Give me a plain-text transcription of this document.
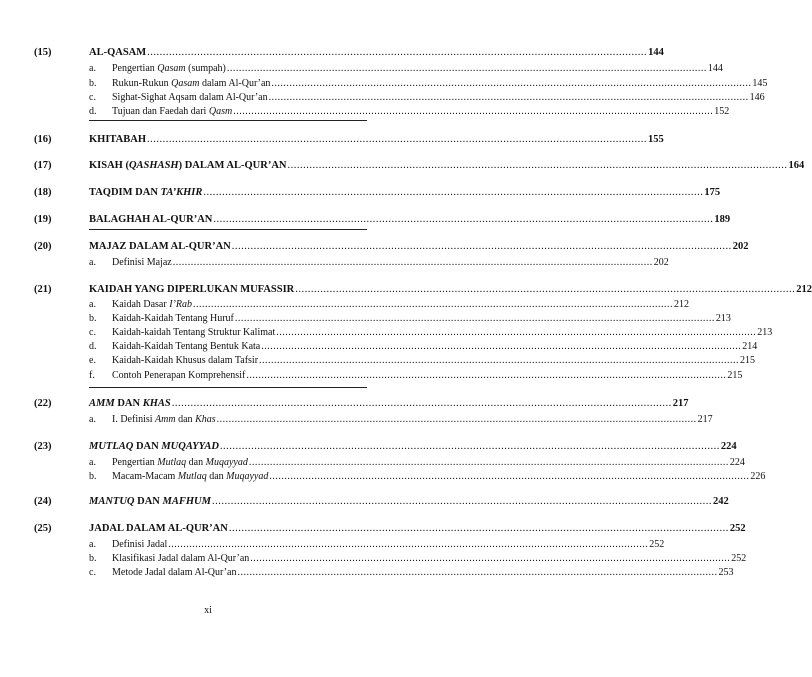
(15)	AL-QASAM ................................................................................................................................................................ 144
a. Pengertian Qasam (sumpah) ................................................................................................................................................................ 144
b. Rukun-Rukun Qasam dalam Al-Qur’an ................................................................................................................................................................ 145
c. Sighat-Sighat Aqsam dalam Al-Qur’an ................................................................................................................................................................ 146
d. Tujuan dan Faedah dari Qasm ................................................................................................................................................................ 152
(16)	KHITABAH ................................................................................................................................................................ 155
(17)	KISAH (QASHASH) DALAM AL-QUR’AN ................................................................................................................................................................ 164
(18)	TAQDIM DAN TA’KHIR ................................................................................................................................................................ 175
(19)	BALAGHAH AL-QUR’AN ................................................................................................................................................................ 189
(20)	MAJAZ DALAM AL-QUR’AN ................................................................................................................................................................ 202
a. Definisi Majaz ................................................................................................................................................................ 202
(21)	KAIDAH YANG DIPERLUKAN MUFASSIR ................................................................................................................................................................ 212
a. Kaidah Dasar I’Rab ................................................................................................................................................................ 212
b. Kaidah-Kaidah Tentang Huruf ................................................................................................................................................................ 213
c. Kaidah-kaidah Tentang Struktur Kalimat ................................................................................................................................................................ 213
d. Kaidah-Kaidah Tentang Bentuk Kata ................................................................................................................................................................ 214
e. Kaidah-Kaidah Khusus dalam Tafsir ................................................................................................................................................................ 215
f. Contoh Penerapan Komprehensif ................................................................................................................................................................ 215
(22)	AMM DAN KHAS ................................................................................................................................................................ 217
a. I. Definisi Amm dan Khas ................................................................................................................................................................ 217
(23)	MUTLAQ DAN MUQAYYAD ................................................................................................................................................................ 224
a. Pengertian Mutlaq dan Muqayyad ................................................................................................................................................................ 224
b. Macam-Macam Mutlaq dan Muqayyad ................................................................................................................................................................ 226
(24)	MANTUQ DAN MAFHUM ................................................................................................................................................................ 242
(25)	JADAL DALAM AL-QUR’AN ................................................................................................................................................................ 252
a. Definisi Jadal ................................................................................................................................................................ 252
b. Klasifikasi Jadal dalam Al-Qur’an ................................................................................................................................................................ 252
c. Metode Jadal dalam Al-Qur’an ................................................................................................................................................................ 253
xi
